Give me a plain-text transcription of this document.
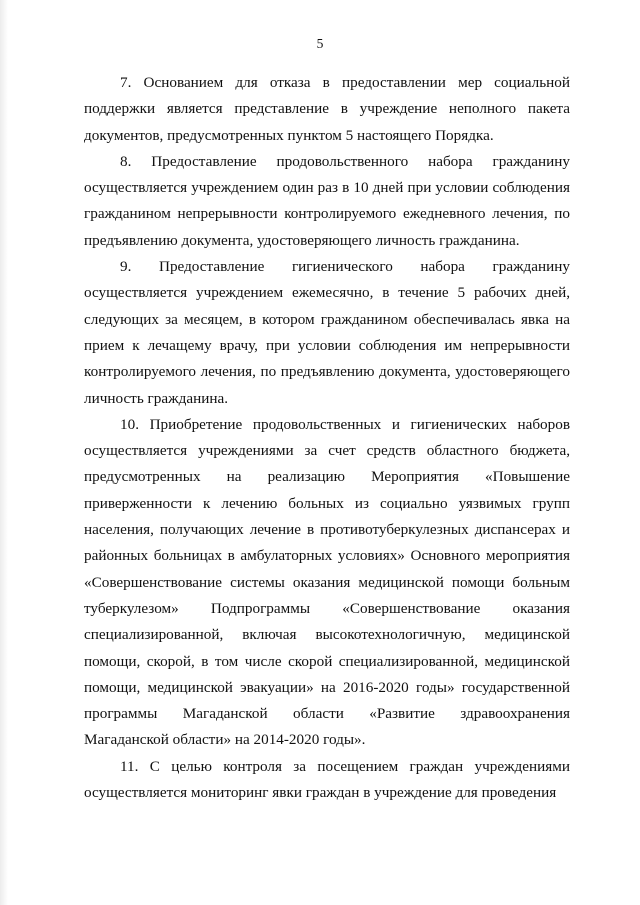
5

7. Основанием для отказа в предоставлении мер социальной поддержки является представление в учреждение неполного пакета документов, предусмотренных пунктом 5 настоящего Порядка.

8. Предоставление продовольственного набора гражданину осуществляется учреждением один раз в 10 дней при условии соблюдения гражданином непрерывности контролируемого ежедневного лечения, по предъявлению документа, удостоверяющего личность гражданина.

9. Предоставление гигиенического набора гражданину осуществляется учреждением ежемесячно, в течение 5 рабочих дней, следующих за месяцем, в котором гражданином обеспечивалась явка на прием к лечащему врачу, при условии соблюдения им непрерывности контролируемого лечения, по предъявлению документа, удостоверяющего личность гражданина.

10. Приобретение продовольственных и гигиенических наборов осуществляется учреждениями за счет средств областного бюджета, предусмотренных на реализацию Мероприятия «Повышение приверженности к лечению больных из социально уязвимых групп населения, получающих лечение в противотуберкулезных диспансерах и районных больницах в амбулаторных условиях» Основного мероприятия «Совершенствование системы оказания медицинской помощи больным туберкулезом» Подпрограммы «Совершенствование оказания специализированной, включая высокотехнологичную, медицинской помощи, скорой, в том числе скорой специализированной, медицинской помощи, медицинской эвакуации» на 2016-2020 годы» государственной программы Магаданской области «Развитие здравоохранения Магаданской области» на 2014-2020 годы».

11. С целью контроля за посещением граждан учреждениями осуществляется мониторинг явки граждан в учреждение для проведения
